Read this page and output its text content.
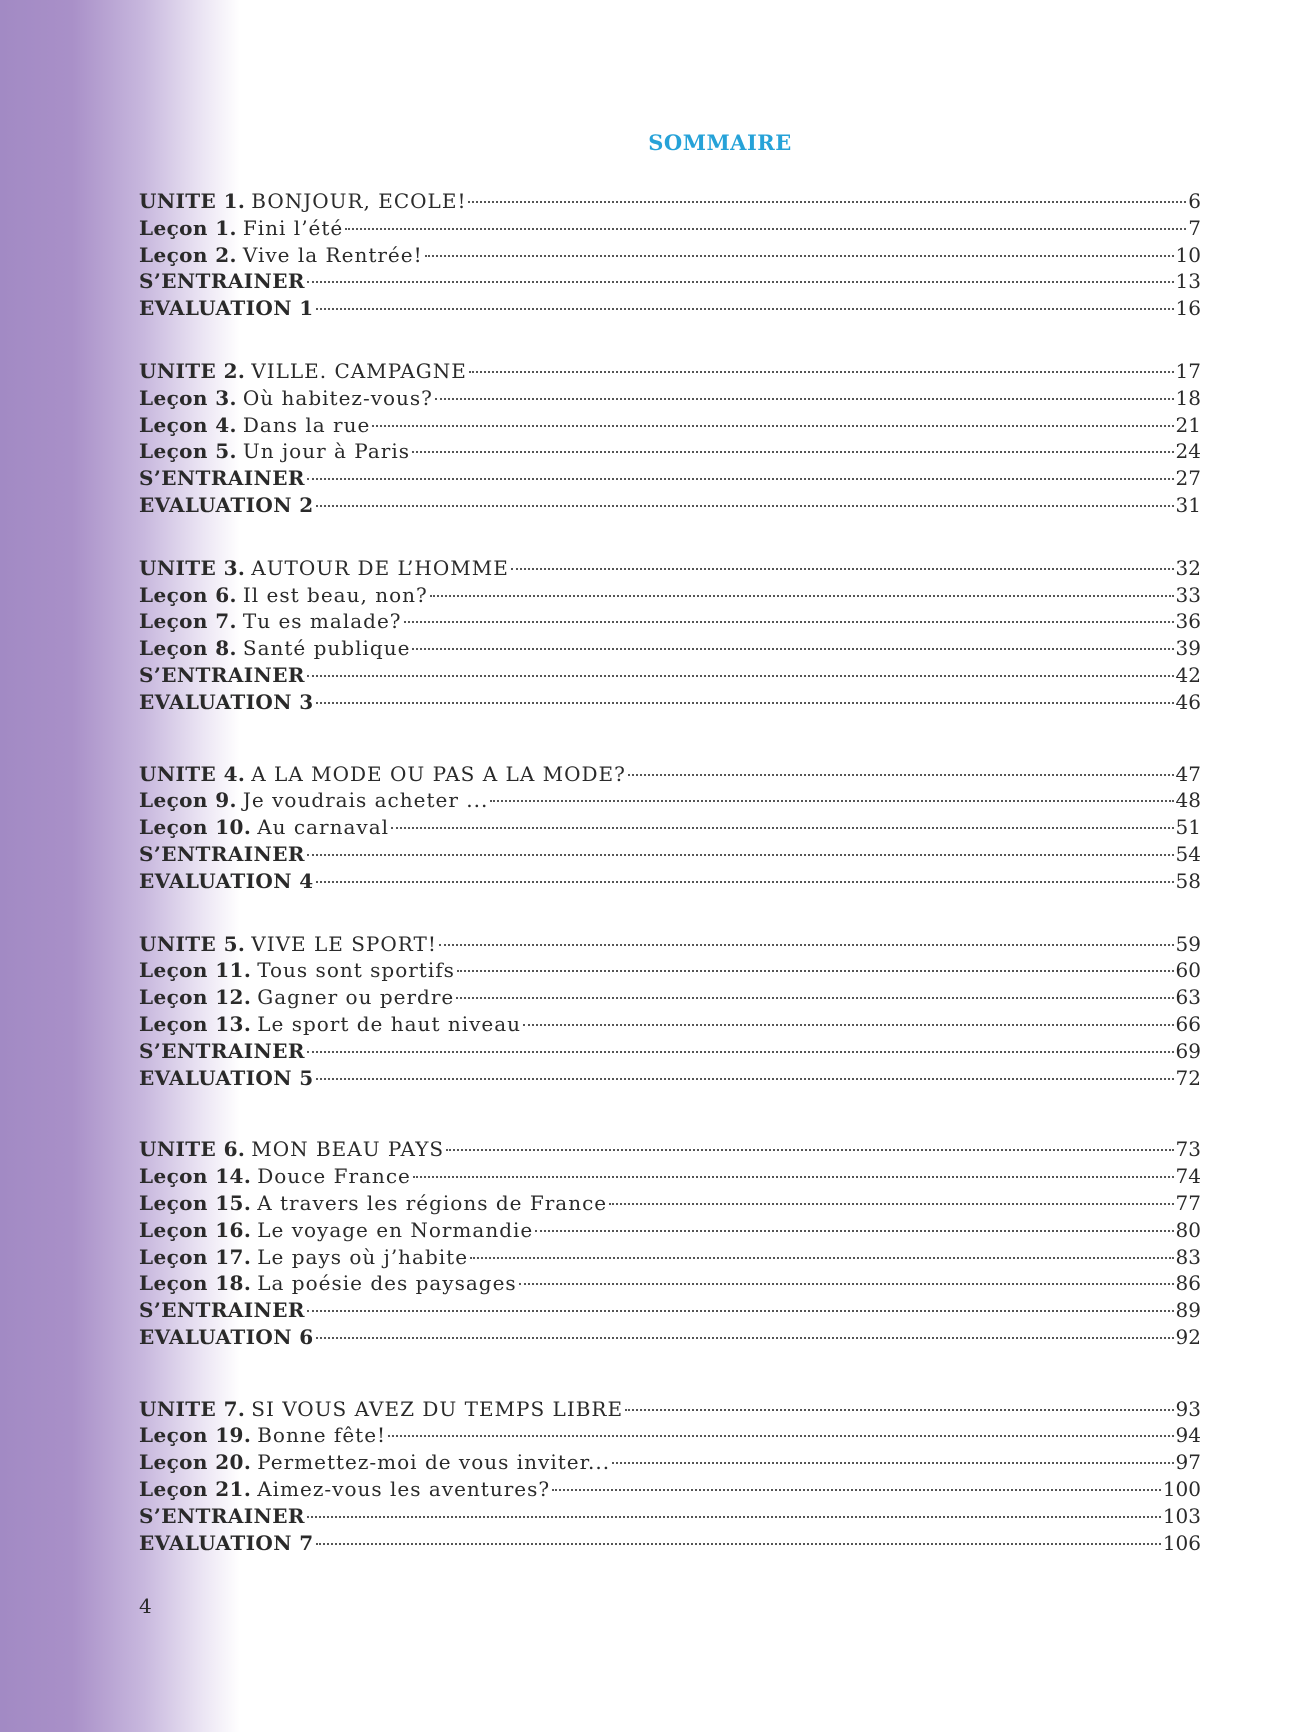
SOMMAIRE
UNITE 1. BONJOUR, ECOLE!	6
Leçon 1. Fini l’été	7
Leçon 2. Vive la Rentrée!	10
S’ENTRAINER	13
EVALUATION 1	16
UNITE 2. VILLE. CAMPAGNE	17
Leçon 3. Où habitez-vous?	18
Leçon 4. Dans la rue	21
Leçon 5. Un jour à Paris	24
S’ENTRAINER	27
EVALUATION 2	31
UNITE 3. AUTOUR DE L’HOMME	32
Leçon 6. Il est beau, non?	33
Leçon 7. Tu es malade?	36
Leçon 8. Santé publique	39
S’ENTRAINER	42
EVALUATION 3	46
UNITE 4. A LA MODE OU PAS A LA MODE?	47
Leçon 9. Je voudrais acheter ...	48
Leçon 10. Au carnaval	51
S’ENTRAINER	54
EVALUATION 4	58
UNITE 5. VIVE LE SPORT!	59
Leçon 11. Tous sont sportifs	60
Leçon 12. Gagner ou perdre	63
Leçon 13. Le sport de haut niveau	66
S’ENTRAINER	69
EVALUATION 5	72
UNITE 6. MON BEAU PAYS	73
Leçon 14. Douce France	74
Leçon 15. A travers les régions de France	77
Leçon 16. Le voyage en Normandie	80
Leçon 17. Le pays où j’habite	83
Leçon 18. La poésie des paysages	86
S’ENTRAINER	89
EVALUATION 6	92
UNITE 7. SI VOUS AVEZ DU TEMPS LIBRE	93
Leçon 19. Bonne fête!	94
Leçon 20. Permettez-moi de vous inviter...	97
Leçon 21. Aimez-vous les aventures?	100
S’ENTRAINER	103
EVALUATION 7	106
4
